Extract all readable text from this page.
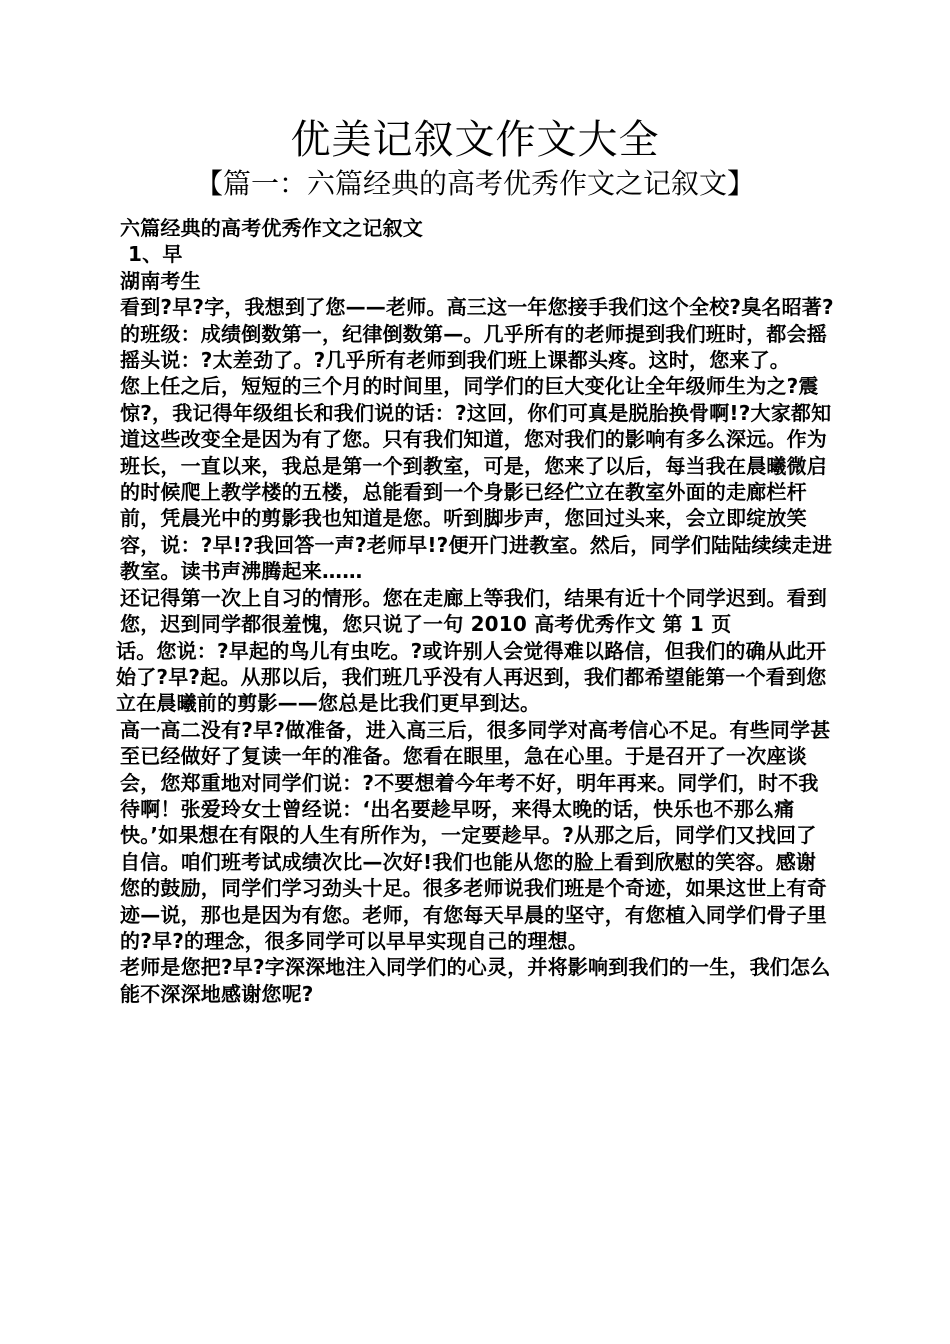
优美记叙文作文大全
【篇一：六篇经典的高考优秀作文之记叙文】

六篇经典的高考优秀作文之记叙文

1、早

湖南考生

看到?早?字，我想到了您——老师。高三这一年您接手我们这个全校?臭名昭著?的班级：成绩倒数第一，纪律倒数第—。几乎所有的老师提到我们班时，都会摇摇头说：?太差劲了。?几乎所有老师到我们班上课都头疼。这时，您来了。

您上任之后，短短的三个月的时间里，同学们的巨大变化让全年级师生为之?震惊?，我记得年级组长和我们说的话：?这回，你们可真是脱胎换骨啊!?大家都知道这些改变全是因为有了您。只有我们知道，您对我们的影响有多么深远。作为班长，一直以来，我总是第一个到教室，可是，您来了以后，每当我在晨曦微启的时候爬上教学楼的五楼，总能看到一个身影已经伫立在教室外面的走廊栏杆前，凭晨光中的剪影我也知道是您。听到脚步声，您回过头来，会立即绽放笑容，说：?早!?我回答一声?老师早!?便开门进教室。然后，同学们陆陆续续走进教室。读书声沸腾起来……

还记得第一次上自习的情形。您在走廊上等我们，结果有近十个同学迟到。看到您，迟到同学都很羞愧，您只说了一句 2010 高考优秀作文 第 1 页

话。您说：?早起的鸟儿有虫吃。?或许别人会觉得难以路信，但我们的确从此开始了?早?起。从那以后，我们班几乎没有人再迟到，我们都希望能第一个看到您立在晨曦前的剪影——您总是比我们更早到达。

高一高二没有?早?做准备，进入高三后，很多同学对高考信心不足。有些同学甚至已经做好了复读一年的准备。您看在眼里，急在心里。于是召开了一次座谈会，您郑重地对同学们说：?不要想着今年考不好，明年再来。同学们，时不我待啊！张爱玲女士曾经说：‘出名要趁早呀，来得太晚的话，快乐也不那么痛快。’如果想在有限的人生有所作为，一定要趁早。?从那之后，同学们又找回了自信。咱们班考试成绩次比—次好!我们也能从您的脸上看到欣慰的笑容。感谢您的鼓励，同学们学习劲头十足。很多老师说我们班是个奇迹，如果这世上有奇迹—说，那也是因为有您。老师，有您每天早晨的坚守，有您植入同学们骨子里的?早?的理念，很多同学可以早早实现自己的理想。

老师是您把?早?字深深地注入同学们的心灵，并将影响到我们的一生，我们怎么能不深深地感谢您呢?
